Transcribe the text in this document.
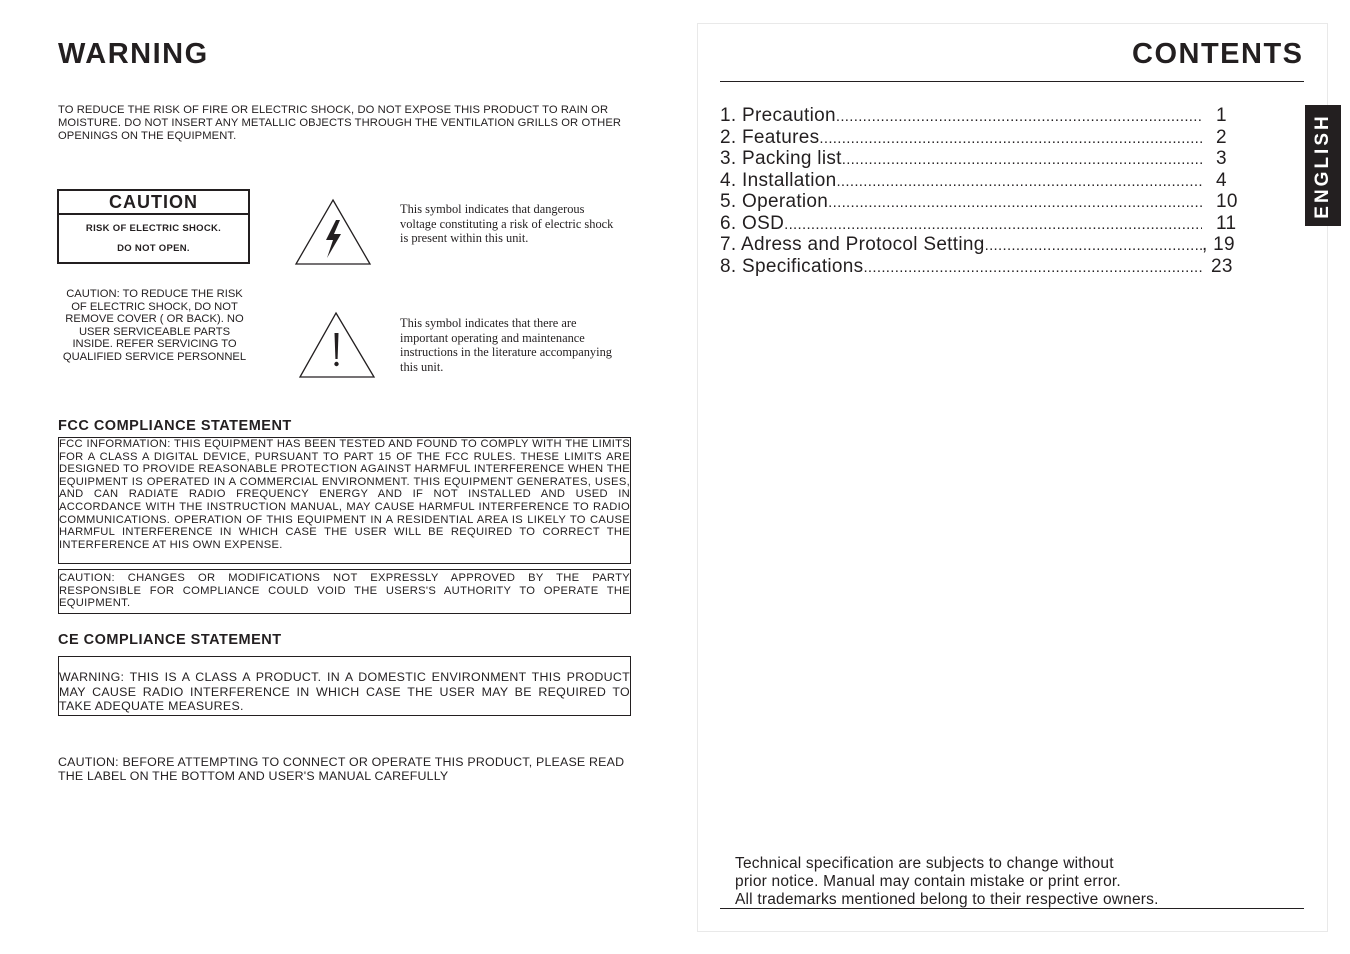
WARNING
TO REDUCE THE RISK OF FIRE OR ELECTRIC SHOCK, DO NOT EXPOSE THIS PRODUCT TO RAIN OR MOISTURE. DO NOT INSERT ANY METALLIC OBJECTS THROUGH THE VENTILATION GRILLS OR OTHER OPENINGS ON THE EQUIPMENT.
CAUTION
RISK OF ELECTRIC SHOCK.
DO NOT OPEN.
CAUTION: TO REDUCE THE RISK OF ELECTRIC SHOCK, DO NOT REMOVE COVER ( OR BACK). NO USER SERVICEABLE PARTS INSIDE. REFER SERVICING TO QUALIFIED SERVICE PERSONNEL
This symbol indicates that dangerous voltage constituting a risk of electric shock is present within this unit.
This symbol indicates that there are important operating and maintenance instructions in the literature accompanying this unit.
FCC COMPLIANCE STATEMENT
FCC INFORMATION: THIS EQUIPMENT HAS BEEN TESTED AND FOUND TO COMPLY WITH THE LIMITS FOR A CLASS A DIGITAL DEVICE, PURSUANT TO PART 15 OF THE FCC RULES. THESE LIMITS ARE DESIGNED TO PROVIDE REASONABLE PROTECTION AGAINST HARMFUL INTERFERENCE WHEN THE EQUIPMENT IS OPERATED IN A COMMERCIAL ENVIRONMENT. THIS EQUIPMENT GENERATES, USES, AND CAN RADIATE RADIO FREQUENCY ENERGY AND IF NOT INSTALLED AND USED IN ACCORDANCE WITH THE INSTRUCTION MANUAL, MAY CAUSE HARMFUL INTERFERENCE TO RADIO COMMUNICATIONS. OPERATION OF THIS EQUIPMENT IN A RESIDENTIAL AREA IS LIKELY TO CAUSE HARMFUL INTERFERENCE IN WHICH CASE THE USER WILL BE REQUIRED TO CORRECT THE INTERFERENCE AT HIS OWN EXPENSE.
CAUTION: CHANGES OR MODIFICATIONS NOT EXPRESSLY APPROVED BY THE PARTY RESPONSIBLE FOR COMPLIANCE COULD VOID THE USERS'S AUTHORITY TO OPERATE THE EQUIPMENT.
CE COMPLIANCE STATEMENT
WARNING: THIS IS A CLASS A PRODUCT. IN A DOMESTIC ENVIRONMENT THIS PRODUCT MAY CAUSE RADIO INTERFERENCE IN WHICH CASE THE USER MAY BE REQUIRED TO TAKE ADEQUATE MEASURES.
CAUTION: BEFORE ATTEMPTING TO CONNECT OR OPERATE THIS PRODUCT, PLEASE READ THE LABEL ON THE BOTTOM AND USER'S MANUAL CAREFULLY
CONTENTS
1. Precaution .....	1
2. Features .....	2
3. Packing list .....	3
4. Installation .....	4
5. Operation .....	10
6. OSD .....	11
7. Adress and Protocol Setting .....	, 19
8. Specifications .....	23
ENGLISH
Technical specification are subjects to change without
prior notice. Manual may contain mistake or print error.
All trademarks mentioned belong to their respective owners.
